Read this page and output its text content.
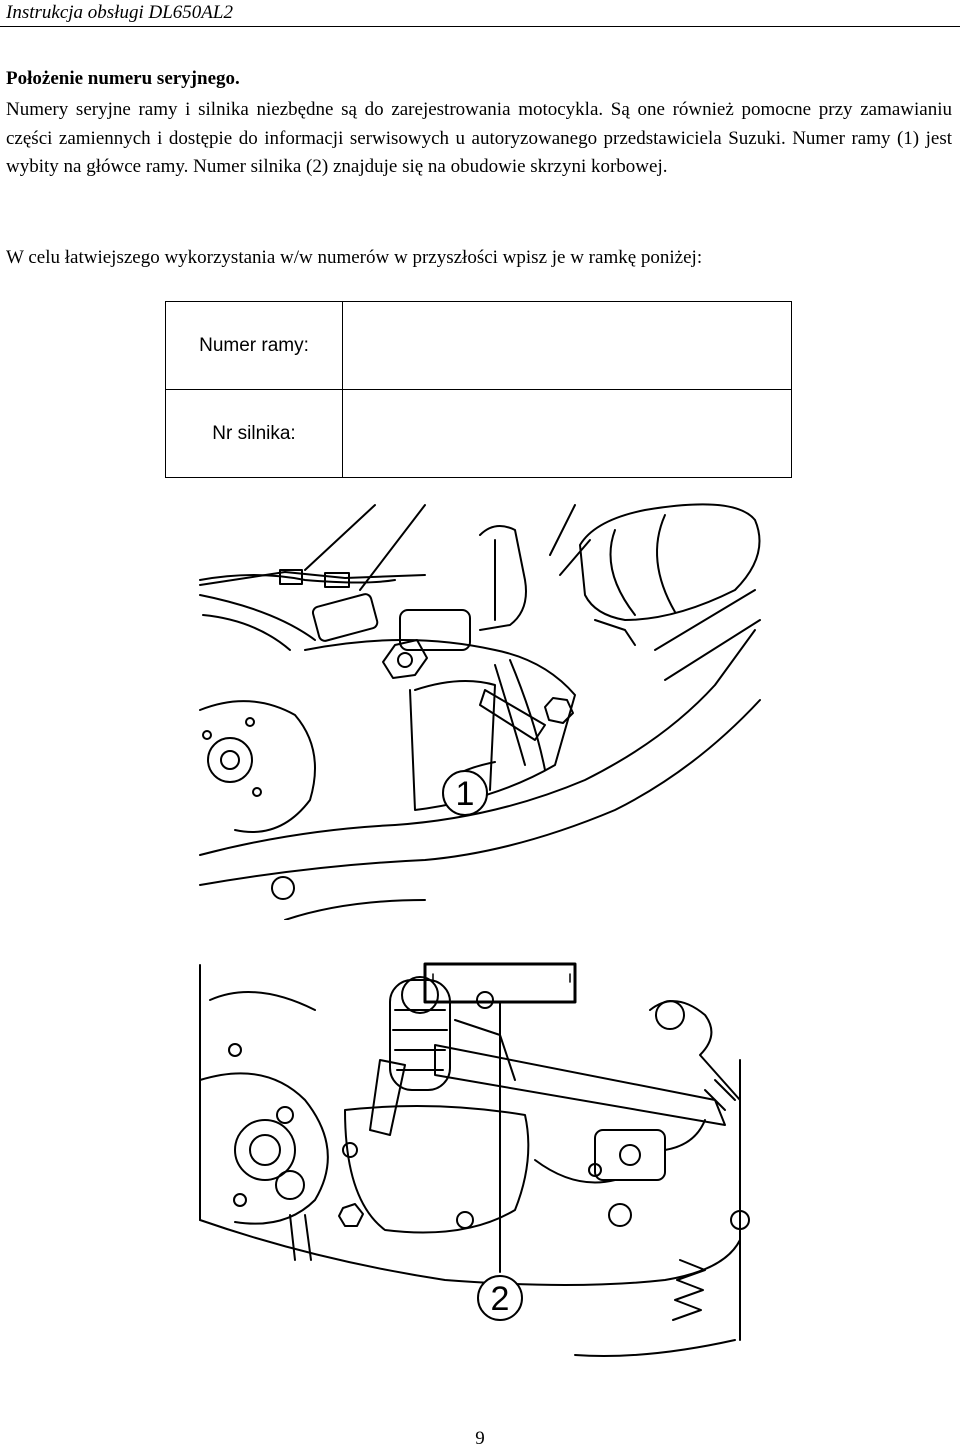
Instrukcja obsługi DL650AL2
Położenie numeru seryjnego.
Numery seryjne ramy i silnika niezbędne są do zarejestrowania motocykla. Są one również pomocne przy zamawianiu części zamiennych i dostępie do informacji serwisowych u autoryzowanego przedstawiciela Suzuki. Numer ramy (1) jest wybity na główce ramy. Numer silnika (2) znajduje się na obudowie skrzyni korbowej.
W celu łatwiejszego wykorzystania w/w numerów w przyszłości wpisz je w ramkę poniżej:
Numer ramy:	
Nr silnika:	
1
2
9
